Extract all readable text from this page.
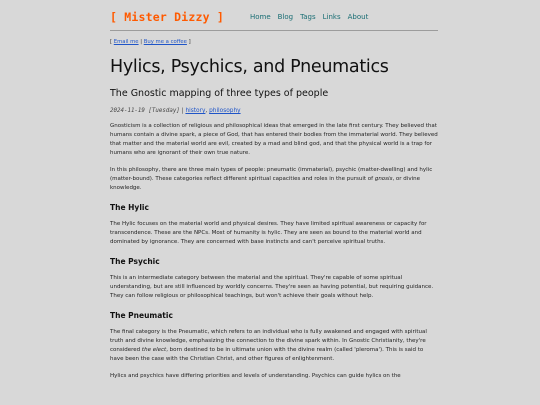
[ Mister Dizzy ]	Home Blog Tags Links About
[ Email me | Buy me a coffee ]
Hylics, Psychics, and Pneumatics
The Gnostic mapping of three types of people
2024-11-19 [Tuesday] | history, philosophy

Gnosticism is a collection of religious and philosophical ideas that emerged in the late first century. They believed that humans contain a divine spark, a piece of God, that has entered their bodies from the immaterial world. They believed that matter and the material world are evil, created by a mad and blind god, and that the physical world is a trap for humans who are ignorant of their own true nature.

In this philosophy, there are three main types of people: pneumatic (immaterial), psychic (matter-dwelling) and hylic (matter-bound). These categories reflect different spiritual capacities and roles in the pursuit of gnosis, or divine knowledge.

The Hylic

The Hylic focuses on the material world and physical desires. They have limited spiritual awareness or capacity for transcendence. These are the NPCs. Most of humanity is hylic. They are seen as bound to the material world and dominated by ignorance. They are concerned with base instincts and can't perceive spiritual truths.

The Psychic

This is an intermediate category between the material and the spiritual. They're capable of some spiritual understanding, but are still influenced by worldly concerns. They're seen as having potential, but requiring guidance. They can follow religious or philosophical teachings, but won't achieve their goals without help.

The Pneumatic

The final category is the Pneumatic, which refers to an individual who is fully awakened and engaged with spiritual truth and divine knowledge, emphasizing the connection to the divine spark within. In Gnostic Christianity, they're considered the elect, born destined to be in ultimate union with the divine realm (called 'pleroma'). This is said to have been the case with the Christian Christ, and other figures of enlightenment.

Hylics and psychics have differing priorities and levels of understanding. Psychics can guide hylics on the
